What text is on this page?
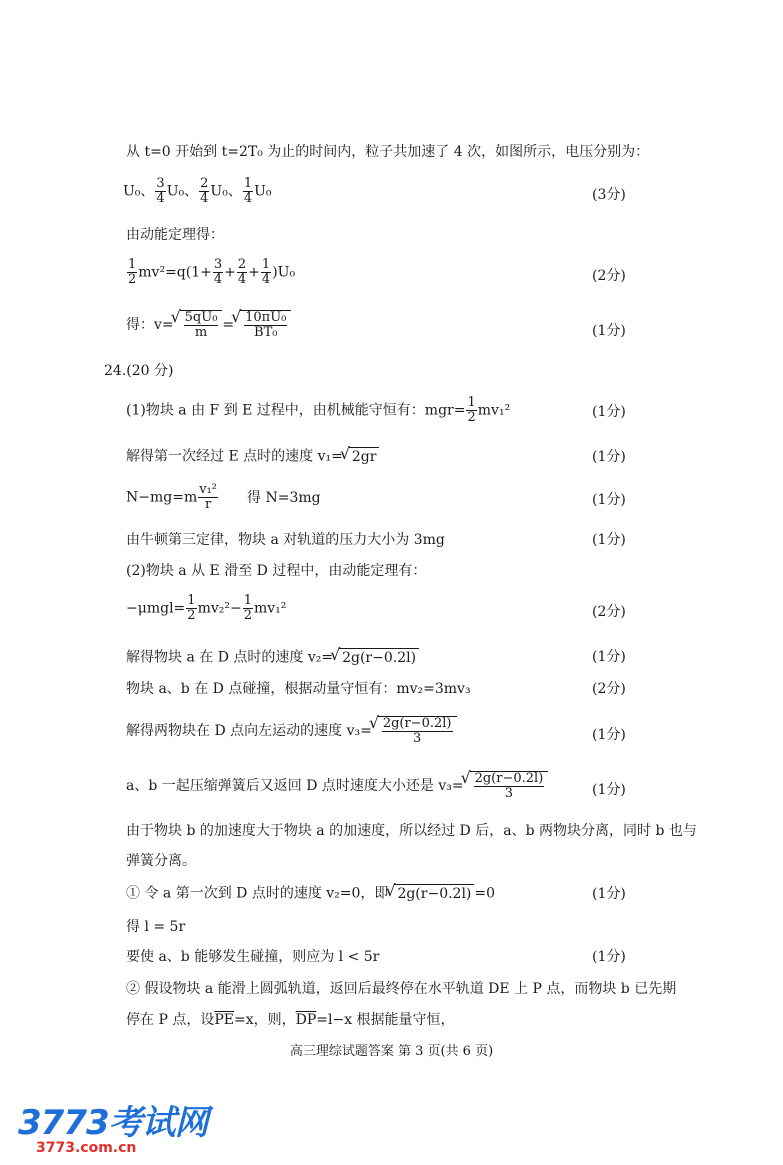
从 t=0 开始到 t=2T₀ 为止的时间内，粒子共加速了 4 次，如图所示，电压分别为：
U₀、 $\frac{3}{4} U_0$、 $\frac{2}{4} U_0$、 $\frac{1}{4} U_0$	(3分)
由动能定理得：
$\frac{1}{2} mv^2=q(1+ \frac{3}{4} + \frac{2}{4} + \frac{1}{4} )U_0$	(2分)
得：v= √ $\frac{\text{5qU₀}}{m}$ = √ $\frac{\text{10πU₀}}{\text{BT₀}}$	(1分)
24.(20 分)
(1)物块 a 由 F 到 E 过程中，由机械能守恒有：$mgr= \frac{1}{2} mv_1^2$	(1分)
解得第一次经过 E 点时的速度 v₁= √ 2gr	(1分)
$N-mg=m \frac{\text{v₁²}}{r}$ 得 N=3mg	(1分)
由牛顿第三定律，物块 a 对轨道的压力大小为 3mg	(1分)
(2)物块 a 从 E 滑至 D 过程中，由动能定理有：
$-\mu mgl= \frac{1}{2} mv_2^2- \frac{1}{2} mv_1^2$	(2分)
解得物块 a 在 D 点时的速度 v₂= √ 2g(r−0.2l)	(1分)
物块 a、b 在 D 点碰撞，根据动量守恒有：mv₂=3mv₃	(2分)
解得两物块在 D 点向左运动的速度 v₃= √ $\frac{2g(r-0.2l)}{3}$	(1分)
a、b 一起压缩弹簧后又返回 D 点时速度大小还是 v₃= √ $\frac{2g(r-0.2l)}{3}$	(1分)
由于物块 b 的加速度大于物块 a 的加速度，所以经过 D 后，a、b 两物块分离，同时 b 也与
弹簧分离。
① 令 a 第一次到 D 点时的速度 v₂=0，即 √ 2g(r−0.2l) =0	(1分)
得 l = 5r
要使 a、b 能够发生碰撞，则应为 l < 5r	(1分)
② 假设物块 a 能滑上圆弧轨道，返回后最终停在水平轨道 DE 上 P 点，而物块 b 已先期
停在 P 点，设$\overline{PE}=x$，则，$\overline{DP}=l-x$ 根据能量守恒，
高三理综试题答案 第 3 页(共 6 页)
3773考试网
3773.com.cn
